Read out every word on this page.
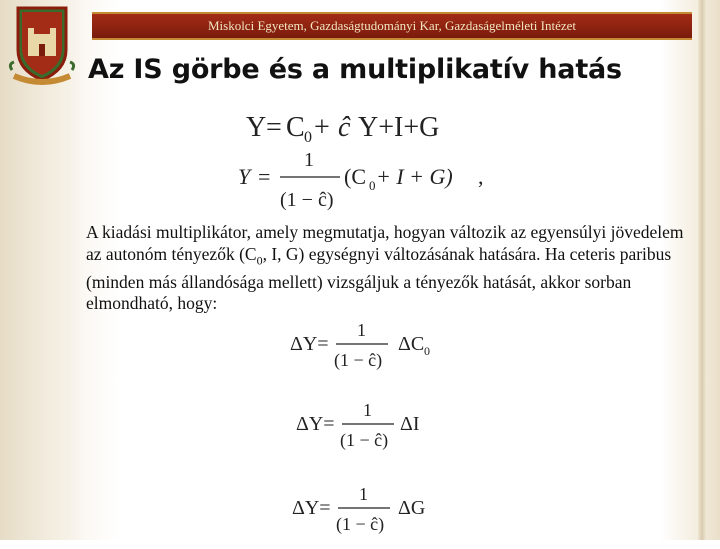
Miskolci Egyetem, Gazdaságtudományi Kar, Gazdaságelméleti Intézet
Az IS görbe és a multiplikatív hatás
Y = C 0 + ĉ Y+I+G
Y =
1
(1 − ĉ)
(C 0 + I + G) ,

A kiadási multiplikátor, amely megmutatja, hogyan változik az egyensúlyi jövedelem az autonóm tényezők ($C_0$, I, G) egységnyi változásának hatására. Ha ceteris paribus (minden más állandósága mellett) vizsgáljuk a tényezők hatását, akkor sorban elmondható, hogy:

ΔY=
1
(1 − ĉ)
ΔC 0
ΔY=
1
(1 − ĉ)
ΔI
ΔY=
1
(1 − ĉ)
ΔG
